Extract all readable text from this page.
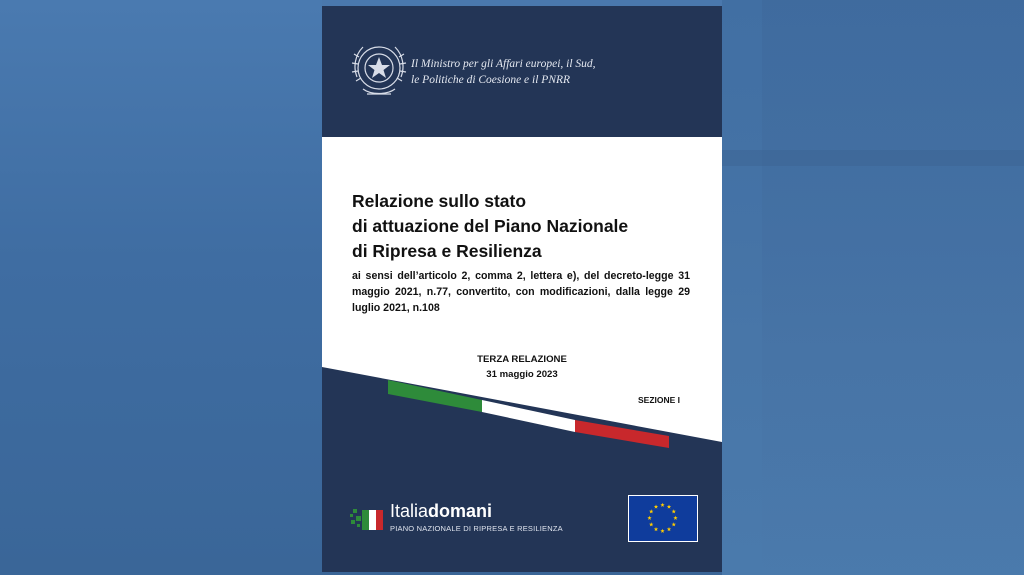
Il Ministro per gli Affari europei, il Sud,
le Politiche di Coesione e il PNRR
Relazione sullo stato
di attuazione del Piano Nazionale
di Ripresa e Resilienza
ai sensi dell’articolo 2, comma 2, lettera e), del decreto-legge 31 maggio 2021, n.77, convertito, con modificazioni, dalla legge 29 luglio 2021, n.108
TERZA RELAZIONE
31 maggio 2023
SEZIONE I
Italiadomani
PIANO NAZIONALE DI RIPRESA E RESILIENZA
